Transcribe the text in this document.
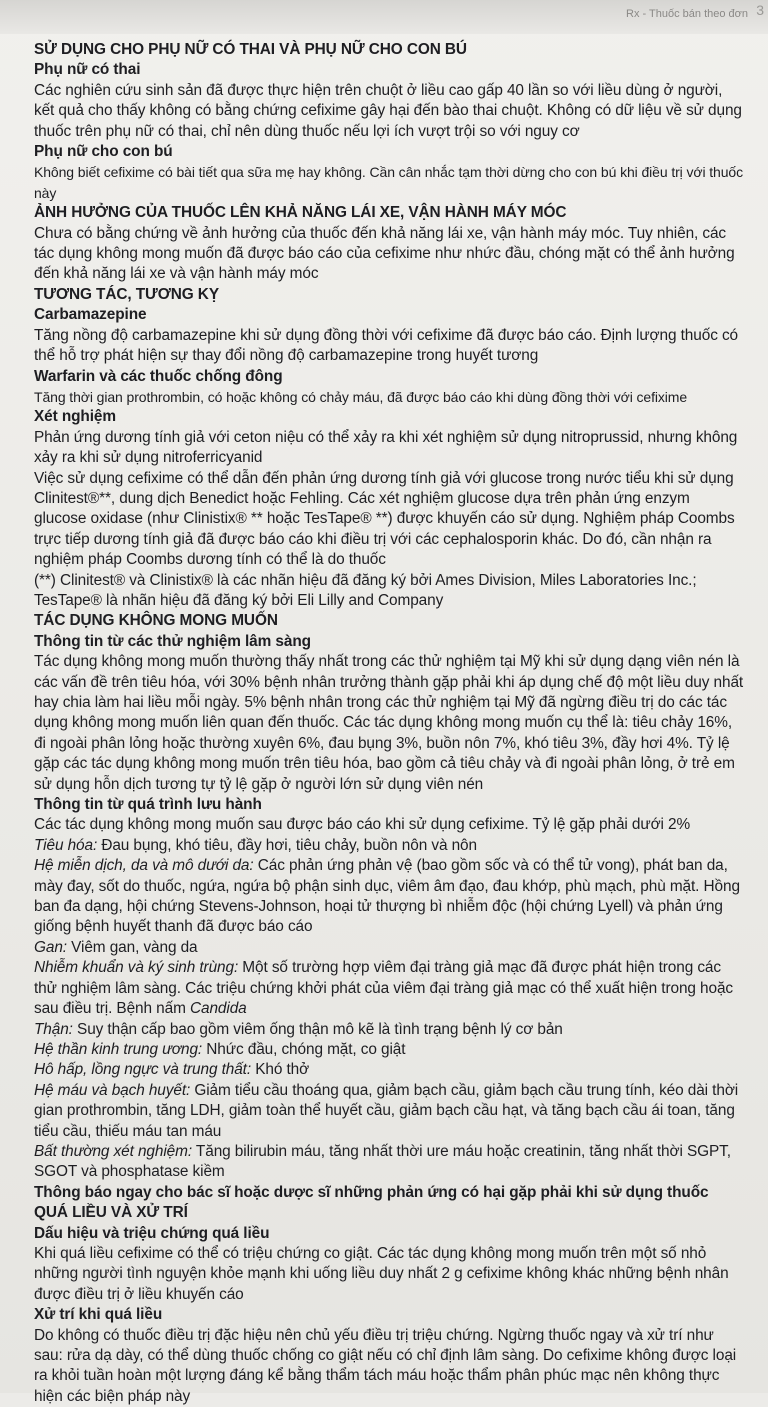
Rx - Thuốc bán theo đơn 3

SỬ DỤNG CHO PHỤ NỮ CÓ THAI VÀ PHỤ NỮ CHO CON BÚ

Phụ nữ có thai

Các nghiên cứu sinh sản đã được thực hiện trên chuột ở liều cao gấp 40 lần so với liều dùng ở người, kết quả cho thấy không có bằng chứng cefixime gây hại đến bào thai chuột. Không có dữ liệu về sử dụng thuốc trên phụ nữ có thai, chỉ nên dùng thuốc nếu lợi ích vượt trội so với nguy cơ

Phụ nữ cho con bú

Không biết cefixime có bài tiết qua sữa mẹ hay không. Cần cân nhắc tạm thời dừng cho con bú khi điều trị với thuốc này

ẢNH HƯỞNG CỦA THUỐC LÊN KHẢ NĂNG LÁI XE, VẬN HÀNH MÁY MÓC

Chưa có bằng chứng về ảnh hưởng của thuốc đến khả năng lái xe, vận hành máy móc. Tuy nhiên, các tác dụng không mong muốn đã được báo cáo của cefixime như nhức đầu, chóng mặt có thể ảnh hưởng đến khả năng lái xe và vận hành máy móc

TƯƠNG TÁC, TƯƠNG KỴ

Carbamazepine

Tăng nồng độ carbamazepine khi sử dụng đồng thời với cefixime đã được báo cáo. Định lượng thuốc có thể hỗ trợ phát hiện sự thay đổi nồng độ carbamazepine trong huyết tương

Warfarin và các thuốc chống đông

Tăng thời gian prothrombin, có hoặc không có chảy máu, đã được báo cáo khi dùng đồng thời với cefixime

Xét nghiệm

Phản ứng dương tính giả với ceton niệu có thể xảy ra khi xét nghiệm sử dụng nitroprussid, nhưng không xảy ra khi sử dụng nitroferricyanid

Việc sử dụng cefixime có thể dẫn đến phản ứng dương tính giả với glucose trong nước tiểu khi sử dụng Clinitest®**, dung dịch Benedict hoặc Fehling. Các xét nghiệm glucose dựa trên phản ứng enzym glucose oxidase (như Clinistix® ** hoặc TesTape® **) được khuyến cáo sử dụng. Nghiệm pháp Coombs trực tiếp dương tính giả đã được báo cáo khi điều trị với các cephalosporin khác. Do đó, cần nhận ra nghiệm pháp Coombs dương tính có thể là do thuốc

(**) Clinitest® và Clinistix® là các nhãn hiệu đã đăng ký bởi Ames Division, Miles Laboratories Inc.; TesTape® là nhãn hiệu đã đăng ký bởi Eli Lilly and Company

TÁC DỤNG KHÔNG MONG MUỐN

Thông tin từ các thử nghiệm lâm sàng

Tác dụng không mong muốn thường thấy nhất trong các thử nghiệm tại Mỹ khi sử dụng dạng viên nén là các vấn đề trên tiêu hóa, với 30% bệnh nhân trưởng thành gặp phải khi áp dụng chế độ một liều duy nhất hay chia làm hai liều mỗi ngày. 5% bệnh nhân trong các thử nghiệm tại Mỹ đã ngừng điều trị do các tác dụng không mong muốn liên quan đến thuốc. Các tác dụng không mong muốn cụ thể là: tiêu chảy 16%, đi ngoài phân lỏng hoặc thường xuyên 6%, đau bụng 3%, buồn nôn 7%, khó tiêu 3%, đầy hơi 4%. Tỷ lệ gặp các tác dụng không mong muốn trên tiêu hóa, bao gồm cả tiêu chảy và đi ngoài phân lỏng, ở trẻ em sử dụng hỗn dịch tương tự tỷ lệ gặp ở người lớn sử dụng viên nén

Thông tin từ quá trình lưu hành

Các tác dụng không mong muốn sau được báo cáo khi sử dụng cefixime. Tỷ lệ gặp phải dưới 2%

Tiêu hóa: Đau bụng, khó tiêu, đầy hơi, tiêu chảy, buồn nôn và nôn

Hệ miễn dịch, da và mô dưới da: Các phản ứng phản vệ (bao gồm sốc và có thể tử vong), phát ban da, mày đay, sốt do thuốc, ngứa, ngứa bộ phận sinh dục, viêm âm đạo, đau khớp, phù mạch, phù mặt. Hồng ban đa dạng, hội chứng Stevens-Johnson, hoại tử thượng bì nhiễm độc (hội chứng Lyell) và phản ứng giống bệnh huyết thanh đã được báo cáo

Gan: Viêm gan, vàng da

Nhiễm khuẩn và ký sinh trùng: Một số trường hợp viêm đại tràng giả mạc đã được phát hiện trong các thử nghiệm lâm sàng. Các triệu chứng khởi phát của viêm đại tràng giả mạc có thể xuất hiện trong hoặc sau điều trị. Bệnh nấm Candida

Thận: Suy thận cấp bao gồm viêm ống thận mô kẽ là tình trạng bệnh lý cơ bản

Hệ thần kinh trung ương: Nhức đầu, chóng mặt, co giật

Hô hấp, lồng ngực và trung thất: Khó thở

Hệ máu và bạch huyết: Giảm tiểu cầu thoáng qua, giảm bạch cầu, giảm bạch cầu trung tính, kéo dài thời gian prothrombin, tăng LDH, giảm toàn thể huyết cầu, giảm bạch cầu hạt, và tăng bạch cầu ái toan, tăng tiểu cầu, thiếu máu tan máu

Bất thường xét nghiệm: Tăng bilirubin máu, tăng nhất thời ure máu hoặc creatinin, tăng nhất thời SGPT, SGOT và phosphatase kiềm

Thông báo ngay cho bác sĩ hoặc dược sĩ những phản ứng có hại gặp phải khi sử dụng thuốc

QUÁ LIỀU VÀ XỬ TRÍ

Dấu hiệu và triệu chứng quá liều

Khi quá liều cefixime có thể có triệu chứng co giật. Các tác dụng không mong muốn trên một số nhỏ những người tình nguyện khỏe mạnh khi uống liều duy nhất 2 g cefixime không khác những bệnh nhân được điều trị ở liều khuyến cáo

Xử trí khi quá liều

Do không có thuốc điều trị đặc hiệu nên chủ yếu điều trị triệu chứng. Ngừng thuốc ngay và xử trí như sau: rửa dạ dày, có thể dùng thuốc chống co giật nếu có chỉ định lâm sàng. Do cefixime không được loại ra khỏi tuần hoàn một lượng đáng kể bằng thẩm tách máu hoặc thẩm phân phúc mạc nên không thực hiện các biện pháp này
